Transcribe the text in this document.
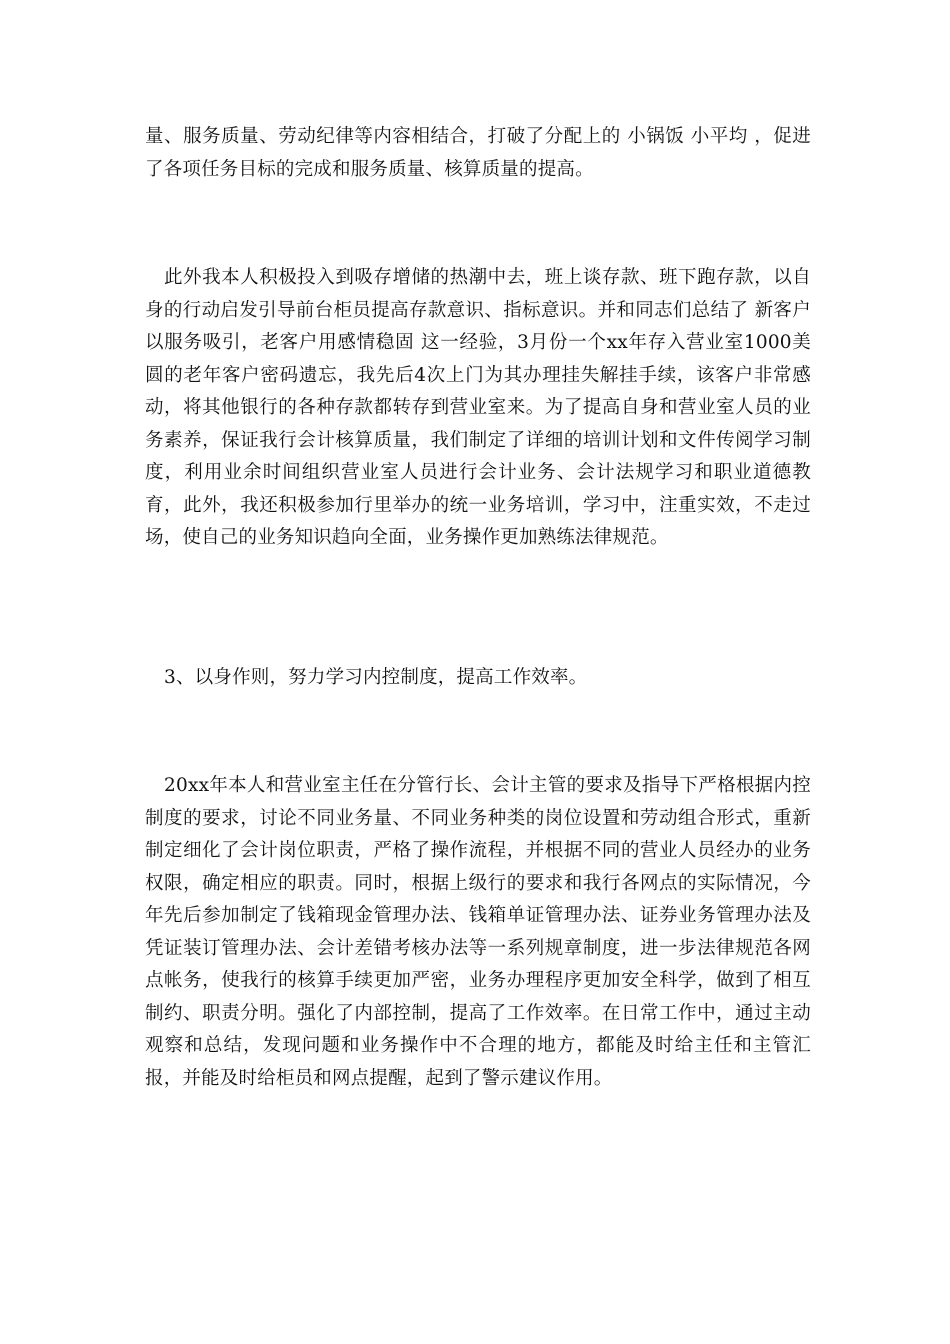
量、服务质量、劳动纪律等内容相结合，打破了分配上的 小锅饭 小平均 ，促进了各项任务目标的完成和服务质量、核算质量的提高。

此外我本人积极投入到吸存增储的热潮中去，班上谈存款、班下跑存款，以自身的行动启发引导前台柜员提高存款意识、指标意识。并和同志们总结了 新客户以服务吸引，老客户用感情稳固 这一经验，3月份一个xx年存入营业室1000美圆的老年客户密码遗忘，我先后4次上门为其办理挂失解挂手续，该客户非常感动，将其他银行的各种存款都转存到营业室来。为了提高自身和营业室人员的业务素养，保证我行会计核算质量，我们制定了详细的培训计划和文件传阅学习制度，利用业余时间组织营业室人员进行会计业务、会计法规学习和职业道德教育，此外，我还积极参加行里举办的统一业务培训，学习中，注重实效，不走过场，使自己的业务知识趋向全面，业务操作更加熟练法律规范。

3、以身作则，努力学习内控制度，提高工作效率。

20xx年本人和营业室主任在分管行长、会计主管的要求及指导下严格根据内控制度的要求，讨论不同业务量、不同业务种类的岗位设置和劳动组合形式，重新制定细化了会计岗位职责，严格了操作流程，并根据不同的营业人员经办的业务权限，确定相应的职责。同时，根据上级行的要求和我行各网点的实际情况，今年先后参加制定了钱箱现金管理办法、钱箱单证管理办法、证券业务管理办法及凭证装订管理办法、会计差错考核办法等一系列规章制度，进一步法律规范各网点帐务，使我行的核算手续更加严密，业务办理程序更加安全科学，做到了相互制约、职责分明。强化了内部控制，提高了工作效率。在日常工作中，通过主动观察和总结，发现问题和业务操作中不合理的地方，都能及时给主任和主管汇报，并能及时给柜员和网点提醒，起到了警示建议作用。
